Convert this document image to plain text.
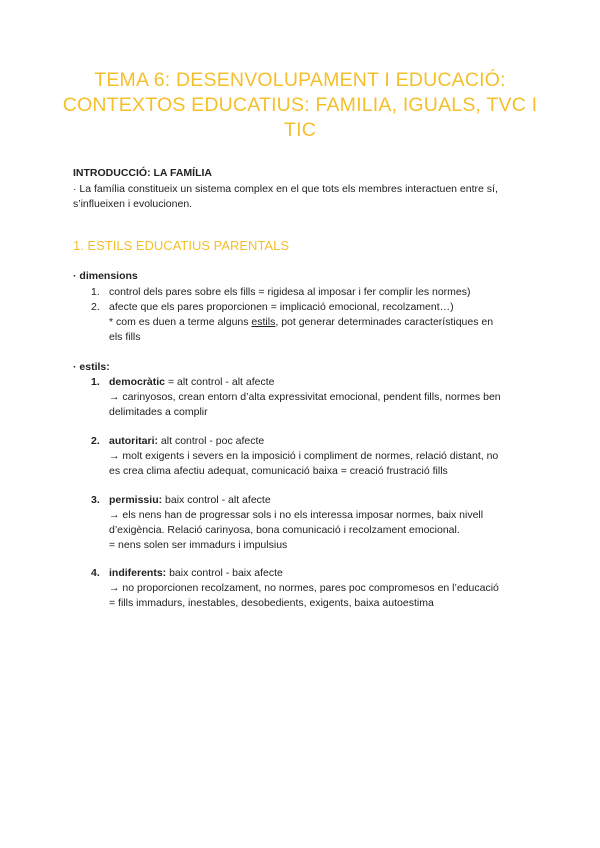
TEMA 6: DESENVOLUPAMENT I EDUCACIÓ:
CONTEXTOS EDUCATIUS: FAMILIA, IGUALS, TVC I
TIC
INTRODUCCIÓ: LA FAMÍLIA
· La família constitueix un sistema complex en el que tots els membres interactuen entre sí,
s’influeixen i evolucionen.
1. ESTILS EDUCATIUS PARENTALS
· dimensions
1. control dels pares sobre els fills = rigidesa al imposar i fer complir les normes)
2. afecte que els pares proporcionen = implicació emocional, recolzament…)
* com es duen a terme alguns estils, pot generar determinades característiques en
els fills
· estils:
1. democràtic = alt control - alt afecte
→ carinyosos, crean entorn d’alta expressivitat emocional, pendent fills, normes ben
delimitades a complir
2. autoritari: alt control - poc afecte
→ molt exigents i severs en la imposició i compliment de normes, relació distant, no
es crea clima afectiu adequat, comunicació baixa = creació frustració fills
3. permissiu: baix control - alt afecte
→ els nens han de progressar sols i no els interessa imposar normes, baix nivell
d’exigència. Relació carinyosa, bona comunicació i recolzament emocional.
= nens solen ser immadurs i impulsius
4. indiferents: baix control - baix afecte
→ no proporcionen recolzament, no normes, pares poc compromesos en l’educació
= fills immadurs, inestables, desobedients, exigents, baixa autoestima
